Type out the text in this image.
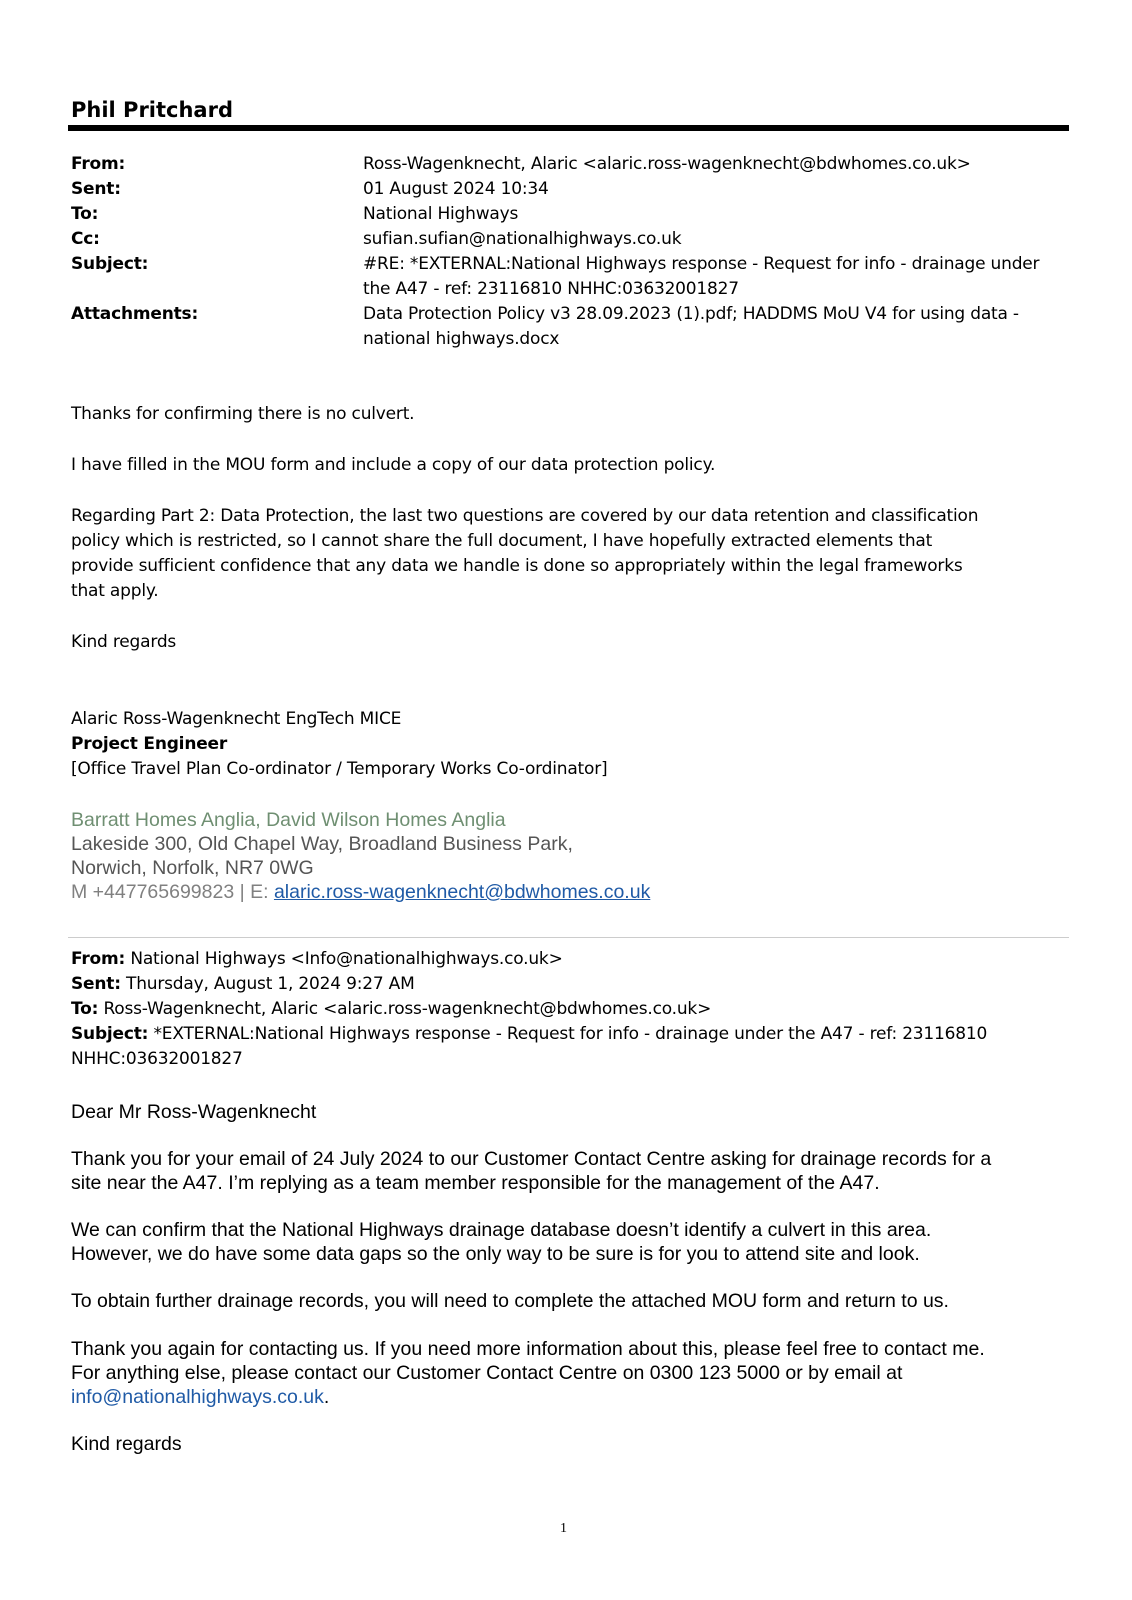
Phil Pritchard
From:	Ross-Wagenknecht, Alaric <alaric.ross-wagenknecht@bdwhomes.co.uk>
Sent:	01 August 2024 10:34
To:	National Highways
Cc:	sufian.sufian@nationalhighways.co.uk
Subject:	#RE: *EXTERNAL:National Highways response - Request for info - drainage under
the A47 - ref: 23116810 NHHC:03632001827
Attachments:	Data Protection Policy v3 28.09.2023 (1).pdf; HADDMS MoU V4 for using data -
national highways.docx
Thanks for confirming there is no culvert.
I have filled in the MOU form and include a copy of our data protection policy.
Regarding Part 2: Data Protection, the last two questions are covered by our data retention and classification
policy which is restricted, so I cannot share the full document, I have hopefully extracted elements that
provide sufficient confidence that any data we handle is done so appropriately within the legal frameworks
that apply.
Kind regards
Alaric Ross-Wagenknecht EngTech MICE
Project Engineer
[Office Travel Plan Co-ordinator / Temporary Works Co-ordinator]
Barratt Homes Anglia, David Wilson Homes Anglia
Lakeside 300, Old Chapel Way, Broadland Business Park,
Norwich, Norfolk, NR7 0WG
M +447765699823 | E: alaric.ross-wagenknecht@bdwhomes.co.uk
From: National Highways <Info@nationalhighways.co.uk>
Sent: Thursday, August 1, 2024 9:27 AM
To: Ross-Wagenknecht, Alaric <alaric.ross-wagenknecht@bdwhomes.co.uk>
Subject: *EXTERNAL:National Highways response - Request for info - drainage under the A47 - ref: 23116810
NHHC:03632001827
Dear Mr Ross-Wagenknecht
Thank you for your email of 24 July 2024 to our Customer Contact Centre asking for drainage records for a
site near the A47. I’m replying as a team member responsible for the management of the A47.
We can confirm that the National Highways drainage database doesn’t identify a culvert in this area.
However, we do have some data gaps so the only way to be sure is for you to attend site and look.
To obtain further drainage records, you will need to complete the attached MOU form and return to us.
Thank you again for contacting us. If you need more information about this, please feel free to contact me.
For anything else, please contact our Customer Contact Centre on 0300 123 5000 or by email at
info@nationalhighways.co.uk.
Kind regards
1
